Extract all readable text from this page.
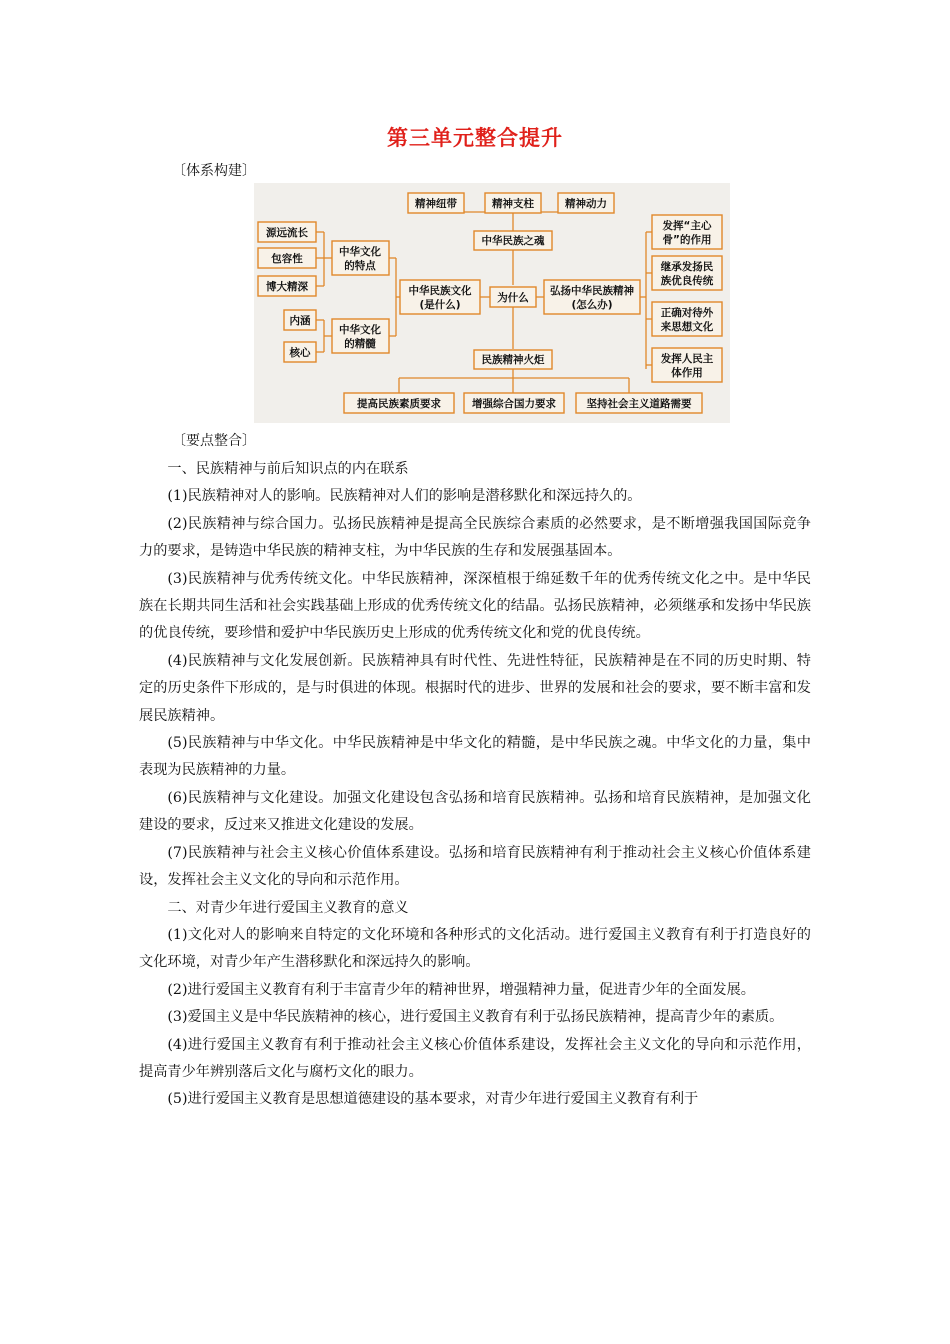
第三单元整合提升
〔体系构建〕
精神纽带	精神支柱	精神动力
中华民族之魂
源远流长
包容性
博大精深
中华文化
的特点
内涵
核心
中华文化
的精髓
中华民族文化
(是什么)
为什么
弘扬中华民族精神
(怎么办)
发挥“主心
骨”的作用
继承发扬民
族优良传统
正确对待外
来思想文化
发挥人民主
体作用
民族精神火炬
提高民族素质要求	增强综合国力要求	坚持社会主义道路需要
〔要点整合〕

一、民族精神与前后知识点的内在联系

(1)民族精神对人的影响。民族精神对人们的影响是潜移默化和深远持久的。

(2)民族精神与综合国力。弘扬民族精神是提高全民族综合素质的必然要求，是不断增强我国国际竞争力的要求，是铸造中华民族的精神支柱，为中华民族的生存和发展强基固本。

(3)民族精神与优秀传统文化。中华民族精神，深深植根于绵延数千年的优秀传统文化之中。是中华民族在长期共同生活和社会实践基础上形成的优秀传统文化的结晶。弘扬民族精神，必须继承和发扬中华民族的优良传统，要珍惜和爱护中华民族历史上形成的优秀传统文化和党的优良传统。

(4)民族精神与文化发展创新。民族精神具有时代性、先进性特征，民族精神是在不同的历史时期、特定的历史条件下形成的，是与时俱进的体现。根据时代的进步、世界的发展和社会的要求，要不断丰富和发展民族精神。

(5)民族精神与中华文化。中华民族精神是中华文化的精髓，是中华民族之魂。中华文化的力量，集中表现为民族精神的力量。

(6)民族精神与文化建设。加强文化建设包含弘扬和培育民族精神。弘扬和培育民族精神，是加强文化建设的要求，反过来又推进文化建设的发展。

(7)民族精神与社会主义核心价值体系建设。弘扬和培育民族精神有利于推动社会主义核心价值体系建设，发挥社会主义文化的导向和示范作用。

二、对青少年进行爱国主义教育的意义

(1)文化对人的影响来自特定的文化环境和各种形式的文化活动。进行爱国主义教育有利于打造良好的文化环境，对青少年产生潜移默化和深远持久的影响。

(2)进行爱国主义教育有利于丰富青少年的精神世界，增强精神力量，促进青少年的全面发展。

(3)爱国主义是中华民族精神的核心，进行爱国主义教育有利于弘扬民族精神，提高青少年的素质。

(4)进行爱国主义教育有利于推动社会主义核心价值体系建设，发挥社会主义文化的导向和示范作用，提高青少年辨别落后文化与腐朽文化的眼力。

(5)进行爱国主义教育是思想道德建设的基本要求，对青少年进行爱国主义教育有利于
